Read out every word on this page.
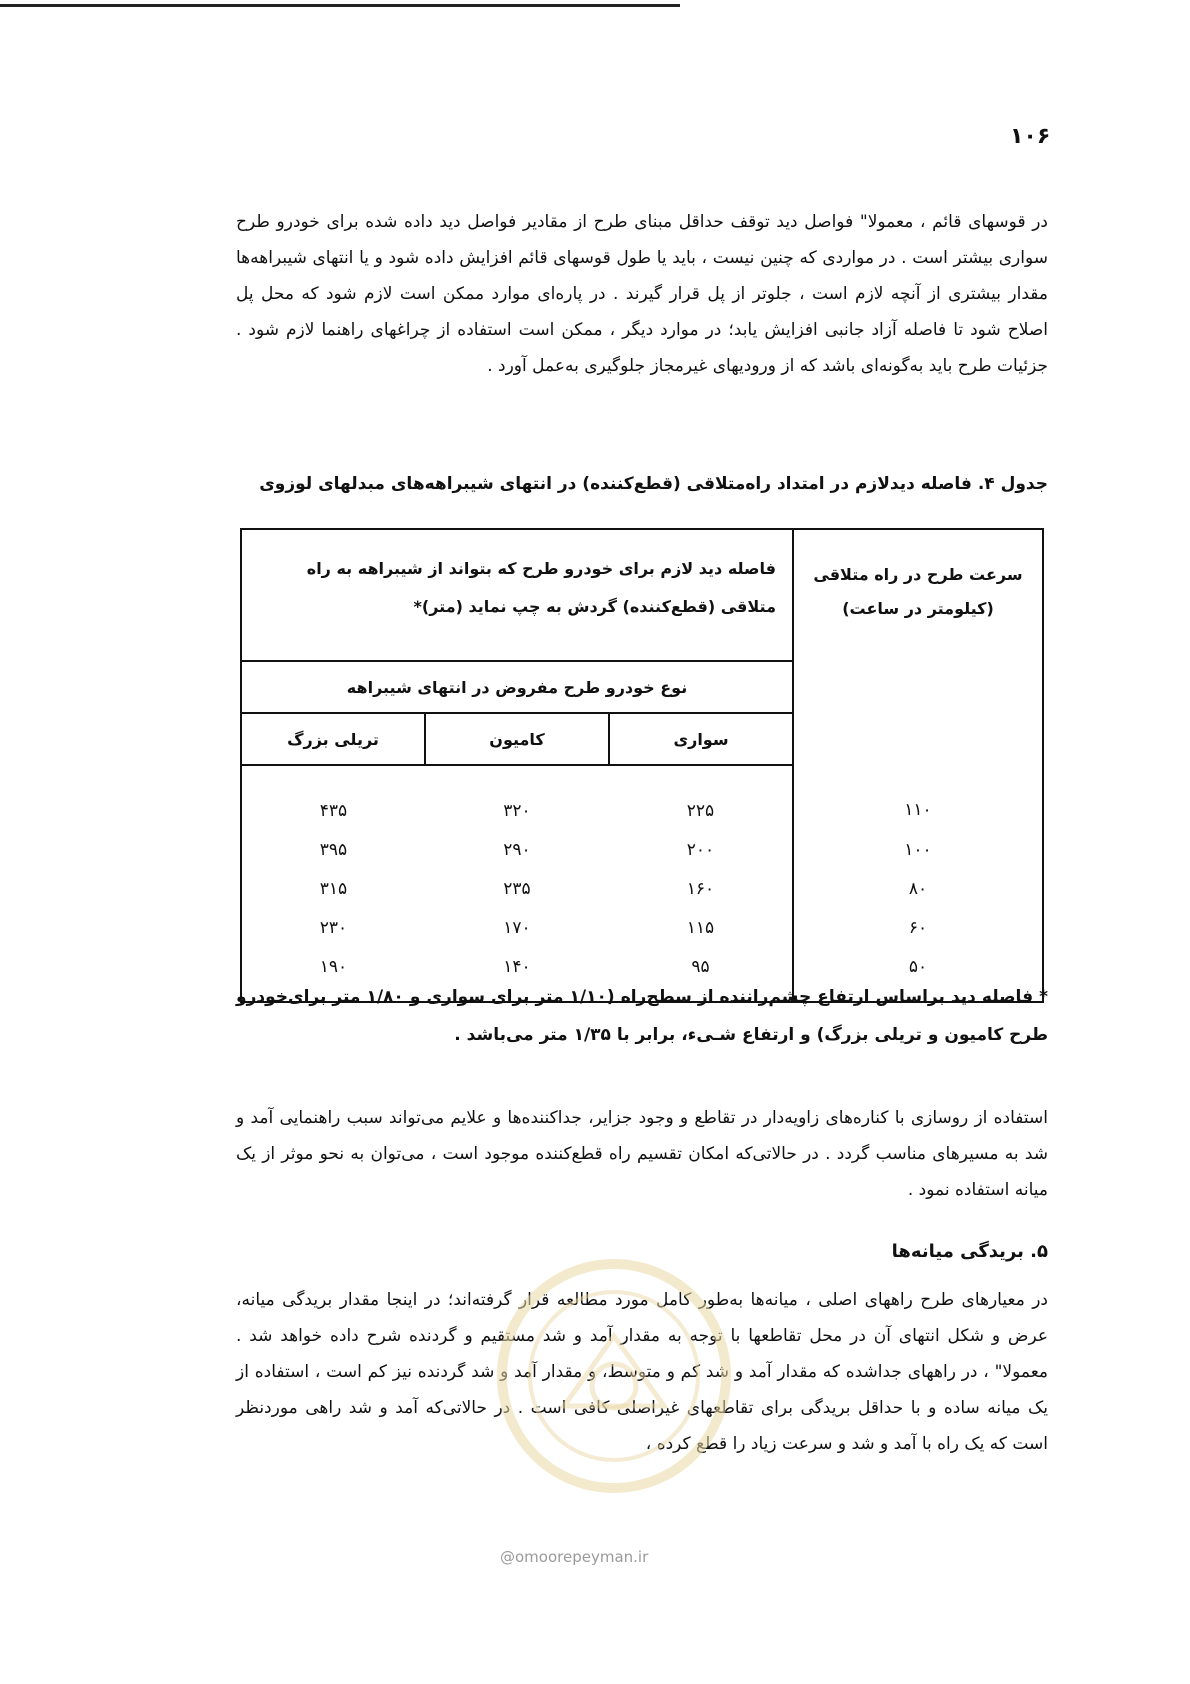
۱۰۶

در قوسهای قائم ، معمولا" فواصل دید توقف حداقل مبنای طرح از مقادیر فواصل دید داده شده برای خودرو طرح سواری بیشتر است . در مواردی که چنین نیست ، باید یا طول قوسهای قائم افزایش داده شود و یا انتهای شیبراهه‌ها مقدار بیشتری از آنچه لازم است ، جلوتر از پل قرار گیرند . در پاره‌ای موارد ممکن است لازم شود که محل پل اصلاح شود تا فاصله آزاد جانبی افزایش یابد؛ در موارد دیگر ، ممکن است استفاده از چراغهای راهنما لازم شود . جزئیات طرح باید به‌گونه‌ای باشد که از ورودیهای غیرمجاز جلوگیری به‌عمل آورد .

جدول ۴. فاصله دیدلازم در امتداد راه‌متلاقی (قطع‌کننده) در انتهای شیبراهه‌های مبدلهای لوزوی

سرعت طرح در راه متلاقی (کیلومتر در ساعت)	فاصله دید لازم برای خودرو طرح که بتواند از شیبراهه به راه متلاقی (قطع‌کننده) گردش به چپ نماید (متر)*		
	نوع خودرو طرح مفروض در انتهای شیبراهه		
	سواری	کامیون	تریلی بزرگ
۱۱۰	۲۲۵	۳۲۰	۴۳۵
۱۰۰	۲۰۰	۲۹۰	۳۹۵
۸۰	۱۶۰	۲۳۵	۳۱۵
۶۰	۱۱۵	۱۷۰	۲۳۰
۵۰	۹۵	۱۴۰	۱۹۰

* فاصله دید براساس ارتفاع چشم‌راننده از سطح‌راه (۱/۱۰ متر برای سواری و ۱/۸۰ متر برای‌خودرو طرح کامیون و تریلی بزرگ) و ارتفاع شـیء، برابر با ۱/۳۵ متر می‌باشد .

استفاده از روسازی با کناره‌های زاویه‌دار در تقاطع و وجود جزایر، جداکننده‌ها و علایم می‌تواند سبب راهنمایی آمد و شد به مسیرهای مناسب گردد . در حالاتی‌که امکان تقسیم راه قطع‌کننده موجود است ، می‌توان به نحو موثر از یک میانه استفاده نمود .

۵. بریدگی میانه‌ها

در معیارهای طرح راههای اصلی ، میانه‌ها به‌طور کامل مورد مطالعه قرار گرفته‌اند؛ در اینجا مقدار بریدگی میانه، عرض و شکل انتهای آن در محل تقاطعها با توجه به مقدار آمد و شد مستقیم و گردنده شرح داده خواهد شد . معمولا" ، در راههای جداشده که مقدار آمد و شد کم و متوسط، و مقدار آمد و شد گردنده نیز کم است ، استفاده از یک میانه ساده و با حداقل بریدگی برای تقاطعهای غیراصلی کافی است . در حالاتی‌که آمد و شد راهی موردنظر است که یک راه با آمد و شد و سرعت زیاد را قطع کرده ،

@omoorepeyman.ir
